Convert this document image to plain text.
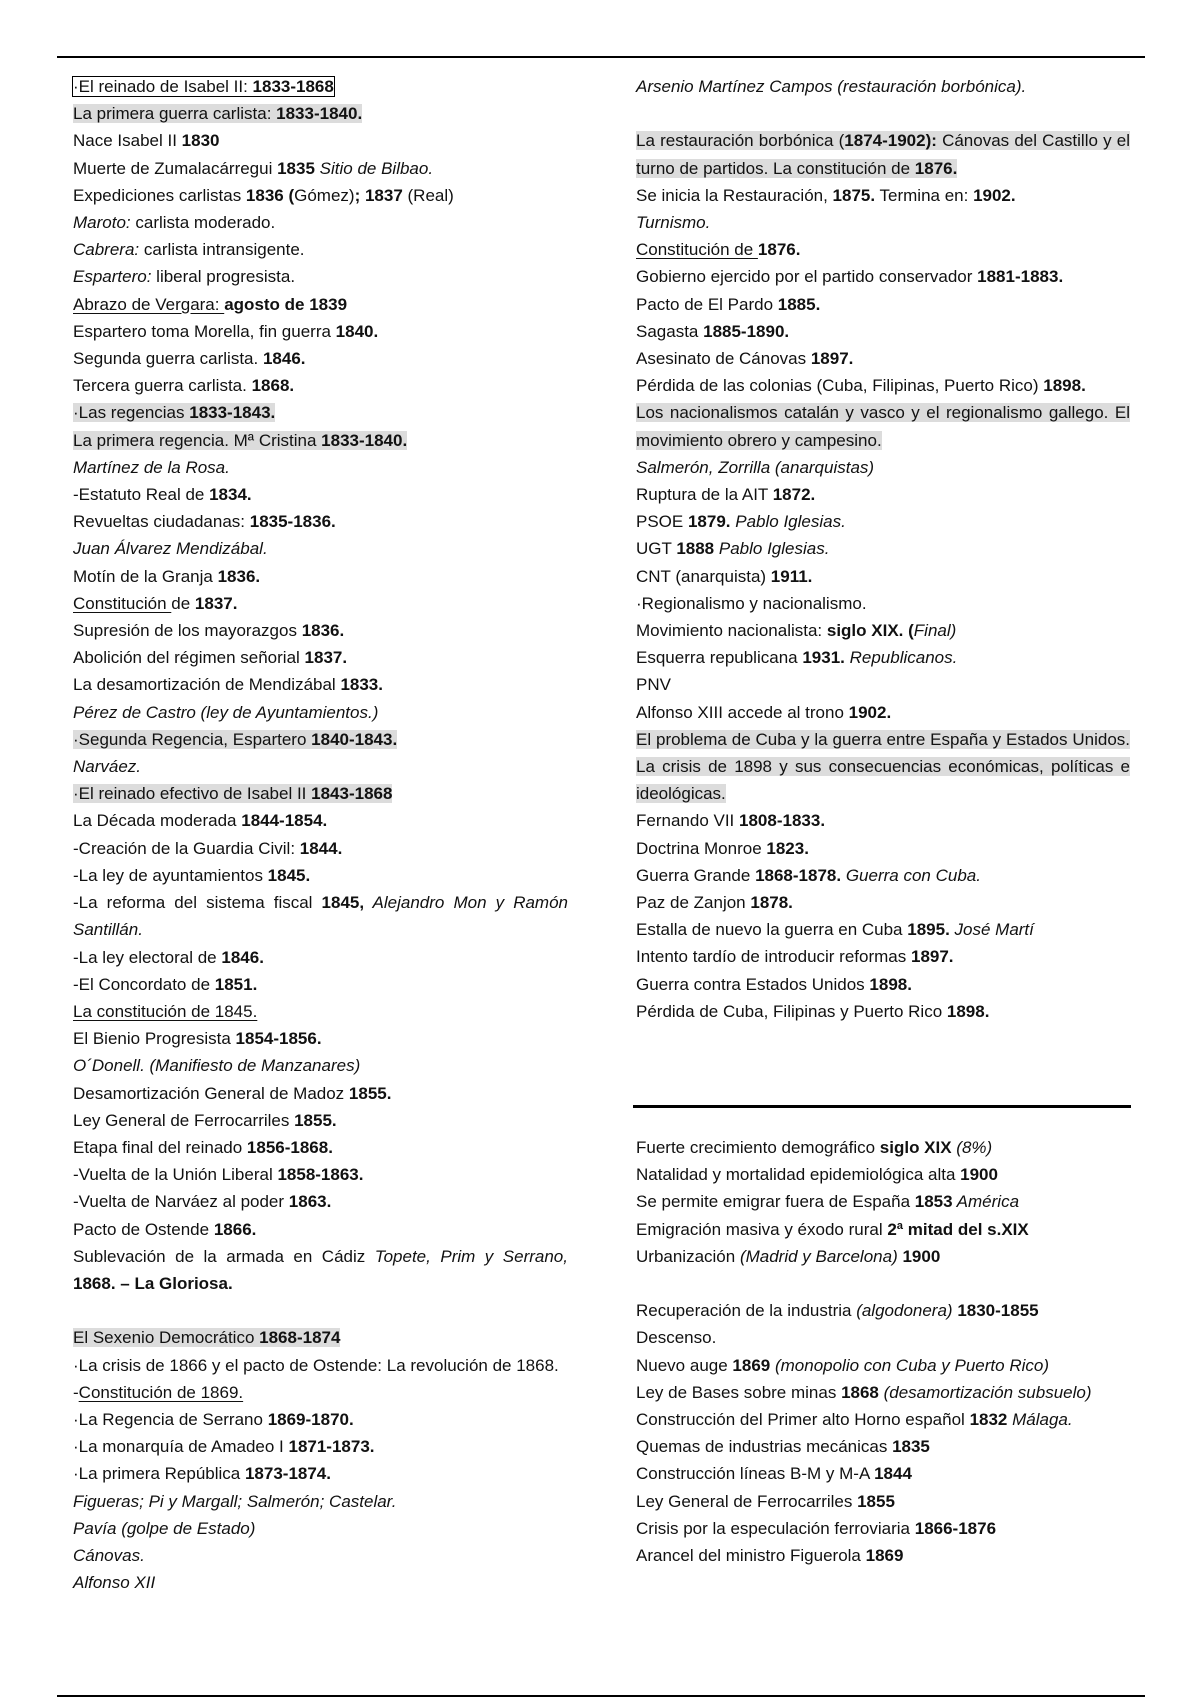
·El reinado de Isabel II: 1833-1868
La primera guerra carlista: 1833-1840.
Nace Isabel II 1830
Muerte de Zumalacárregui 1835 Sitio de Bilbao.
Expediciones carlistas 1836 (Gómez); 1837 (Real)
Maroto: carlista moderado.
Cabrera: carlista intransigente.
Espartero: liberal progresista.
Abrazo de Vergara: agosto de 1839
Espartero toma Morella, fin guerra 1840.
Segunda guerra carlista. 1846.
Tercera guerra carlista. 1868.
·Las regencias 1833-1843.
La primera regencia. Mª Cristina 1833-1840.
Martínez de la Rosa.
-Estatuto Real de 1834.
Revueltas ciudadanas: 1835-1836.
Juan Álvarez Mendizábal.
Motín de la Granja 1836.
Constitución de 1837.
Supresión de los mayorazgos 1836.
Abolición del régimen señorial 1837.
La desamortización de Mendizábal 1833.
Pérez de Castro (ley de Ayuntamientos.)
·Segunda Regencia, Espartero 1840-1843.
Narváez.
·El reinado efectivo de Isabel II 1843-1868
La Década moderada 1844-1854.
-Creación de la Guardia Civil: 1844.
-La ley de ayuntamientos 1845.
-La reforma del sistema fiscal 1845, Alejandro Mon y Ramón Santillán.
-La ley electoral de 1846.
-El Concordato de 1851.
La constitución de 1845.
El Bienio Progresista 1854-1856.
O´Donell. (Manifiesto de Manzanares)
Desamortización General de Madoz 1855.
Ley General de Ferrocarriles 1855.
Etapa final del reinado 1856-1868.
-Vuelta de la Unión Liberal 1858-1863.
-Vuelta de Narváez al poder 1863.
Pacto de Ostende 1866.
Sublevación de la armada en Cádiz Topete, Prim y Serrano, 1868. – La Gloriosa.
El Sexenio Democrático 1868-1874
·La crisis de 1866 y el pacto de Ostende: La revolución de 1868.
-Constitución de 1869.
·La Regencia de Serrano 1869-1870.
·La monarquía de Amadeo I 1871-1873.
·La primera República 1873-1874.
Figueras; Pi y Margall; Salmerón; Castelar.
Pavía (golpe de Estado)
Cánovas.
Alfonso XII
Arsenio Martínez Campos (restauración borbónica).
La restauración borbónica (1874-1902): Cánovas del Castillo y el turno de partidos. La constitución de 1876.
Se inicia la Restauración, 1875. Termina en: 1902.
Turnismo.
Constitución de 1876.
Gobierno ejercido por el partido conservador 1881-1883.
Pacto de El Pardo 1885.
Sagasta 1885-1890.
Asesinato de Cánovas 1897.
Pérdida de las colonias (Cuba, Filipinas, Puerto Rico) 1898.
Los nacionalismos catalán y vasco y el regionalismo gallego. El movimiento obrero y campesino.
Salmerón, Zorrilla (anarquistas)
Ruptura de la AIT 1872.
PSOE 1879. Pablo Iglesias.
UGT 1888 Pablo Iglesias.
CNT (anarquista) 1911.
·Regionalismo y nacionalismo.
Movimiento nacionalista: siglo XIX. (Final)
Esquerra republicana 1931. Republicanos.
PNV
Alfonso XIII accede al trono 1902.
El problema de Cuba y la guerra entre España y Estados Unidos. La crisis de 1898 y sus consecuencias económicas, políticas e ideológicas.
Fernando VII 1808-1833.
Doctrina Monroe 1823.
Guerra Grande 1868-1878. Guerra con Cuba.
Paz de Zanjon 1878.
Estalla de nuevo la guerra en Cuba 1895. José Martí
Intento tardío de introducir reformas 1897.
Guerra contra Estados Unidos 1898.
Pérdida de Cuba, Filipinas y Puerto Rico 1898.
Fuerte crecimiento demográfico siglo XIX (8%)
Natalidad y mortalidad epidemiológica alta 1900
Se permite emigrar fuera de España 1853 América
Emigración masiva y éxodo rural 2ª mitad del s.XIX
Urbanización (Madrid y Barcelona) 1900
Recuperación de la industria (algodonera) 1830-1855
Descenso.
Nuevo auge 1869 (monopolio con Cuba y Puerto Rico)
Ley de Bases sobre minas 1868 (desamortización subsuelo)
Construcción del Primer alto Horno español 1832 Málaga.
Quemas de industrias mecánicas 1835
Construcción líneas B-M y M-A 1844
Ley General de Ferrocarriles 1855
Crisis por la especulación ferroviaria 1866-1876
Arancel del ministro Figuerola 1869
